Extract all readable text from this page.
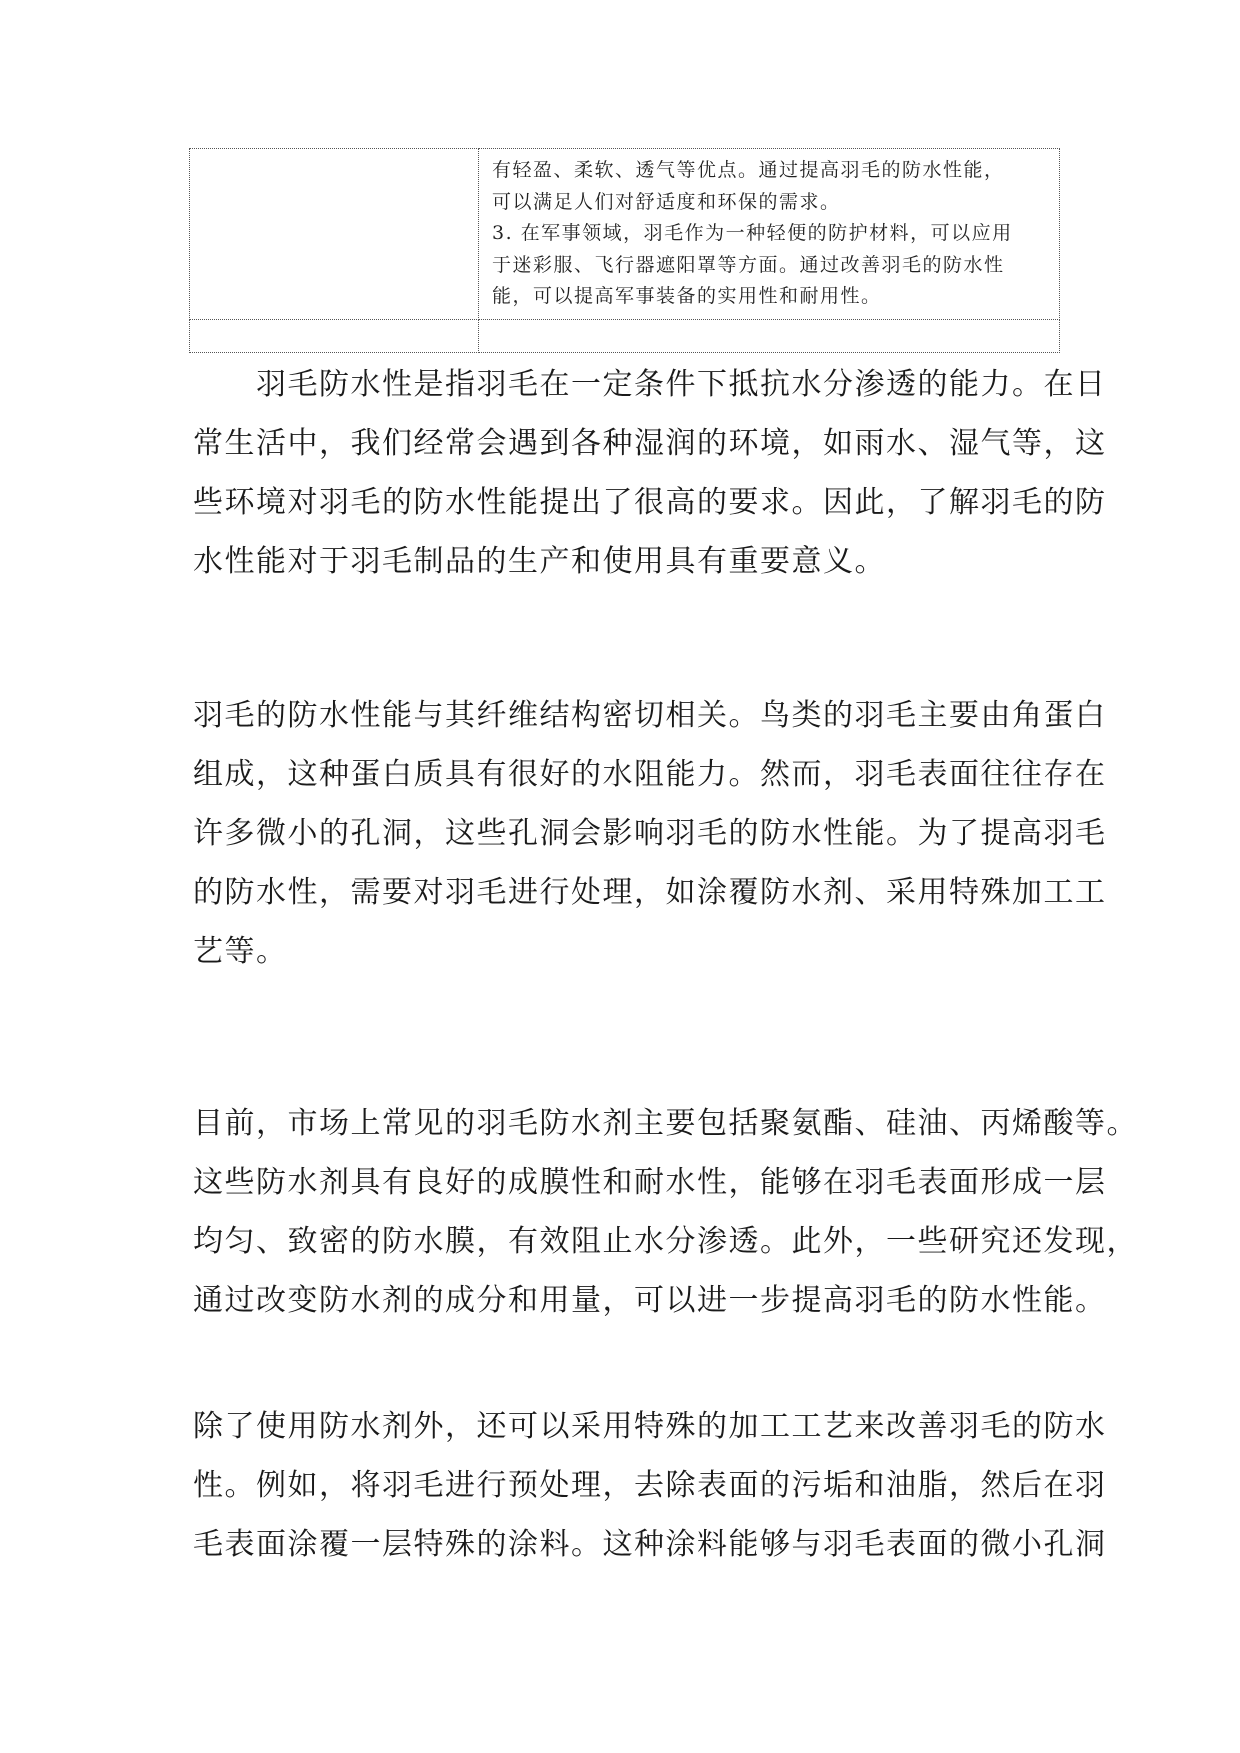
	有轻盈、柔软、透气等优点。通过提高羽毛的防水性能，
可以满足人们对舒适度和环保的需求。
3. 在军事领域，羽毛作为一种轻便的防护材料，可以应用
于迷彩服、飞行器遮阳罩等方面。通过改善羽毛的防水性
能，可以提高军事装备的实用性和耐用性。

　　羽毛防水性是指羽毛在一定条件下抵抗水分渗透的能力。在日
常生活中，我们经常会遇到各种湿润的环境，如雨水、湿气等，这
些环境对羽毛的防水性能提出了很高的要求。因此，了解羽毛的防
水性能对于羽毛制品的生产和使用具有重要意义。

羽毛的防水性能与其纤维结构密切相关。鸟类的羽毛主要由角蛋白
组成，这种蛋白质具有很好的水阻能力。然而，羽毛表面往往存在
许多微小的孔洞，这些孔洞会影响羽毛的防水性能。为了提高羽毛
的防水性，需要对羽毛进行处理，如涂覆防水剂、采用特殊加工工
艺等。

目前，市场上常见的羽毛防水剂主要包括聚氨酯、硅油、丙烯酸等。
这些防水剂具有良好的成膜性和耐水性，能够在羽毛表面形成一层
均匀、致密的防水膜，有效阻止水分渗透。此外，一些研究还发现，
通过改变防水剂的成分和用量，可以进一步提高羽毛的防水性能。

除了使用防水剂外，还可以采用特殊的加工工艺来改善羽毛的防水
性。例如，将羽毛进行预处理，去除表面的污垢和油脂，然后在羽
毛表面涂覆一层特殊的涂料。这种涂料能够与羽毛表面的微小孔洞
